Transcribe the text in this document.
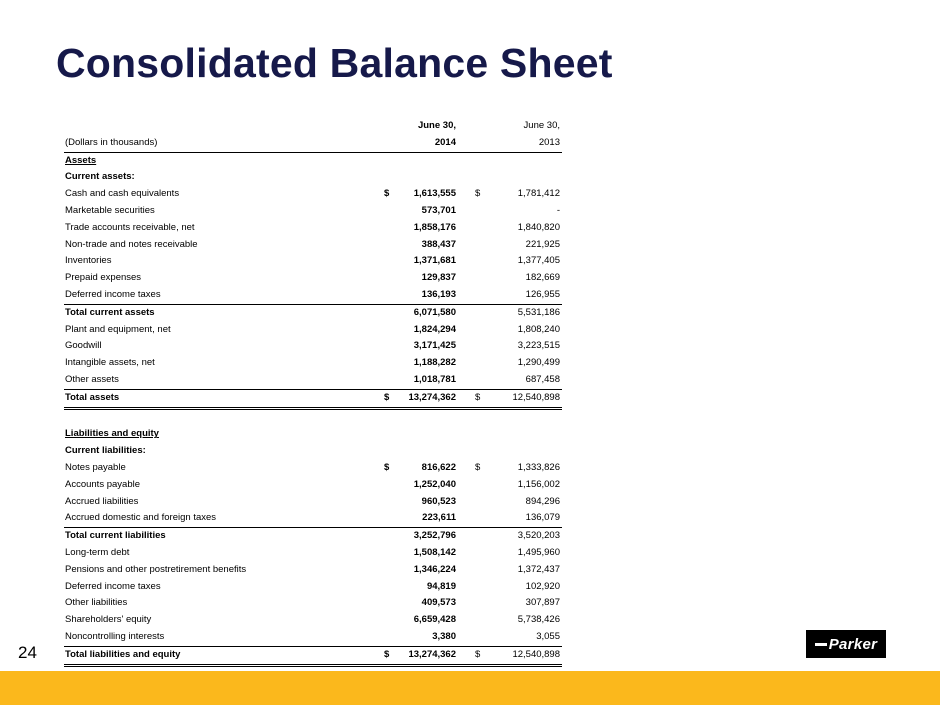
Consolidated Balance Sheet
June 30,	June 30,
(Dollars in thousands)	2014	2013
Assets
Current assets:
Cash and cash equivalents	$	1,613,555 $	1,781,412
Marketable securities	573,701	-
Trade accounts receivable, net	1,858,176	1,840,820
Non-trade and notes receivable	388,437	221,925
Inventories	1,371,681	1,377,405
Prepaid expenses	129,837	182,669
Deferred income taxes	136,193	126,955
Total current assets	6,071,580	5,531,186
Plant and equipment, net	1,824,294	1,808,240
Goodwill	3,171,425	3,223,515
Intangible assets, net	1,188,282	1,290,499
Other assets	1,018,781	687,458
Total assets	$ 13,274,362 $	12,540,898
Liabilities and equity
Current liabilities:
Notes payable	$	816,622 $	1,333,826
Accounts payable	1,252,040	1,156,002
Accrued liabilities	960,523	894,296
Accrued domestic and foreign taxes	223,611	136,079
Total current liabilities	3,252,796	3,520,203
Long-term debt	1,508,142	1,495,960
Pensions and other postretirement benefits	1,346,224	1,372,437
Deferred income taxes	94,819	102,920
Other liabilities	409,573	307,897
Shareholders' equity	6,659,428	5,738,426
Noncontrolling interests	3,380	3,055
Total liabilities and equity	$ 13,274,362 $	12,540,898
24	Parker
